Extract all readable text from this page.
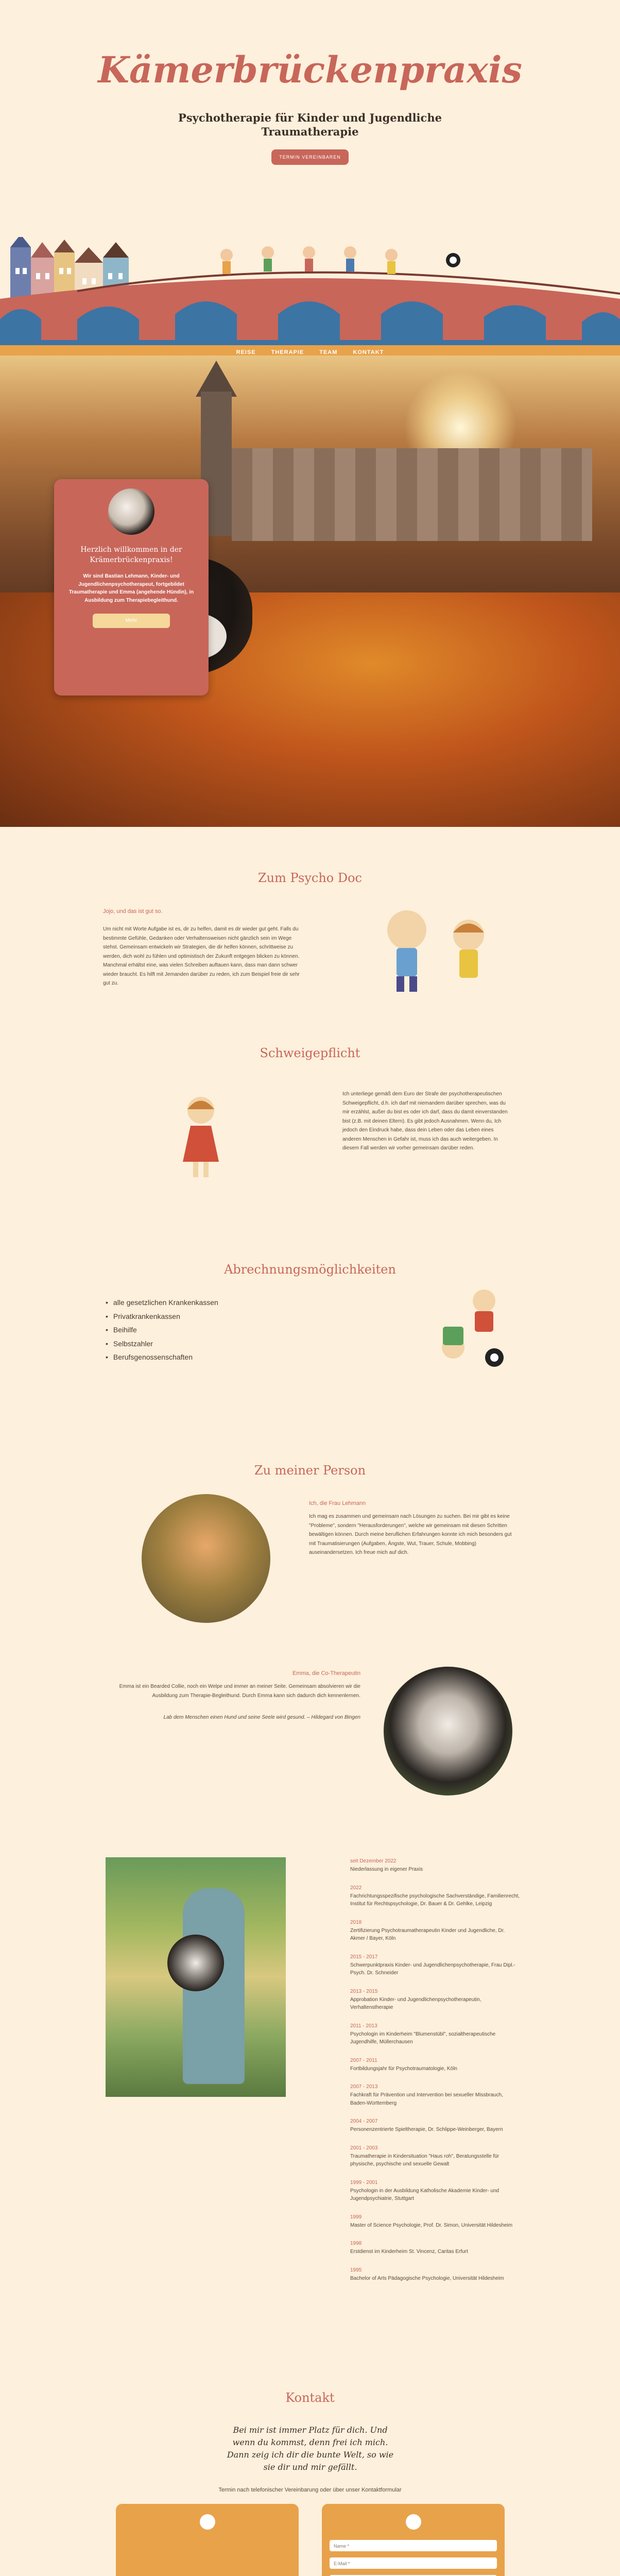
Kämerbrückenpraxis
Psychotherapie für Kinder und Jugendliche
Traumatherapie
TERMIN VEREINBAREN
REISE	THERAPIE	TEAM	KONTAKT
Herzlich willkommen in der
Krämerbrückenpraxis!

Wir sind Bastian Lehmann, Kinder- und Jugendlichenpsychotherapeut, fortgebildet Traumatherapie und Emma (angehende Hündin), in Ausbildung zum Therapiebegleithund.

Mehr
Zum Psycho Doc
Jojo, und das ist gut so.
Um nicht mit Worte Aufgabe ist es, dir zu helfen, damit es dir wieder gut geht. Falls du bestimmte Gefühle, Gedanken oder Verhaltensweisen nicht gänzlich sein im Wege stehst. Gemeinsam entwickeln wir Strategien, die dir helfen können, schrittweise zu werden, dich wohl zu fühlen und optimistisch der Zukunft entgegen blicken zu können. Manchmal erhältst eine, was vielen Schreiben auftauen kann, dass man dann schwer wieder braucht. Es hilft mit Jemanden darüber zu reden, ich zum Beispiel freie dir sehr gut zu.
Schweigepflicht
Ich unterliege gemäß dem Euro der Strafe der psychotherapeutischen Schweigepflicht, d.h. ich darf mit niemandem darüber sprechen, was du mir erzählst, außer du bist es oder ich darf, dass du damit einverstanden bist (z.B. mit deinen Eltern). Es gibt jedoch Ausnahmen. Wenn du, Ich jedoch den Eindruck habe, dass dein Leben oder das Leben eines anderen Menschen in Gefahr ist, muss ich das auch weitergeben. In diesem Fall werden wir vorher gemeinsam darüber reden.
Abrechnungsmöglichkeiten
• alle gesetzlichen Krankenkassen
• Privatkrankenkassen
• Beihilfe
• Selbstzahler
• Berufsgenossenschaften
Zu meiner Person
Ich, die Frau Lehmann
Ich mag es zusammen und gemeinsam nach Lösungen zu suchen. Bei mir gibt es keine "Probleme", sondern "Herausforderungen", welche wir gemeinsam mit diesen Schritten bewältigen können. Durch meine beruflichen Erfahrungen konnte ich mich besonders gut mit Traumatisierungen (Aufgaben, Ängste, Wut, Trauer, Schule, Mobbing) auseinandersetzen. Ich freue mich auf dich.
Emma, die Co-Therapeutin
Emma ist ein Bearded Collie, noch ein Welpe und immer an meiner Seite. Gemeinsam absolvieren wir die Ausbildung zum Therapie-Begleithund. Durch Emma kann sich dadurch dich kennenlernen.
Lab dem Menschen einen Hund und seine Seele wird gesund. – Hildegard von Bingen
seit Dezember 2022
Niederlassung in eigener Praxis
2022
Fachrichtungsspezifische psychologische Sachverständige, Familienrecht, Institut für Rechtspsychologie, Dr. Bauer & Dr. Gehlke, Leipzig
2018
Zertifizierung Psychotraumatherapeutin Kinder und Jugendliche, Dr. Akmer / Bayer, Köln
2015 - 2017
Schwerpunktpraxis Kinder- und Jugendlichenpsychotherapie, Frau Dipl.-Psych. Dr. Schneider
2013 - 2015
Approbation Kinder- und Jugendlichenpsychotherapeutin, Verhaltenstherapie
2011 - 2013
Psychologin im Kinderheim "Blumenstübl", sozialtherapeutische Jugendhilfe, Müllerchausen
2007 - 2011
Fortbildungsjahr für Psychotraumatologie, Köln
2007 - 2013
Fachkraft für Prävention und Intervention bei sexueller Missbrauch, Baden-Württemberg
2004 - 2007
Personenzentrierte Spieltherapie, Dr. Schlippe-Weinberger, Bayern
2001 - 2003
Traumatherapie in Kindersituation "Haus roh", Beratungsstelle für physische, psychische und sexuelle Gewalt
1999 - 2001
Psychologin in der Ausbildung Katholische Akademie Kinder- und Jugendpsychiatrie, Stuttgart
1999
Master of Science Psychologie, Prof. Dr. Simon, Universität Hildesheim
1998
Erstdienst im Kinderheim St. Vincenz, Caritas Erfurt
1995
Bachelor of Arts Pädagogische Psychologie, Universität Hildesheim
Kontakt
Bei mir ist immer Platz für dich. Und wenn du kommst, denn frei ich mich. Dann zeig ich dir die bunte Welt, so wie sie dir und mir gefällt.
Termin nach telefonischer Vereinbarung oder über unser Kontaktformular
Name *
E-Mail *
